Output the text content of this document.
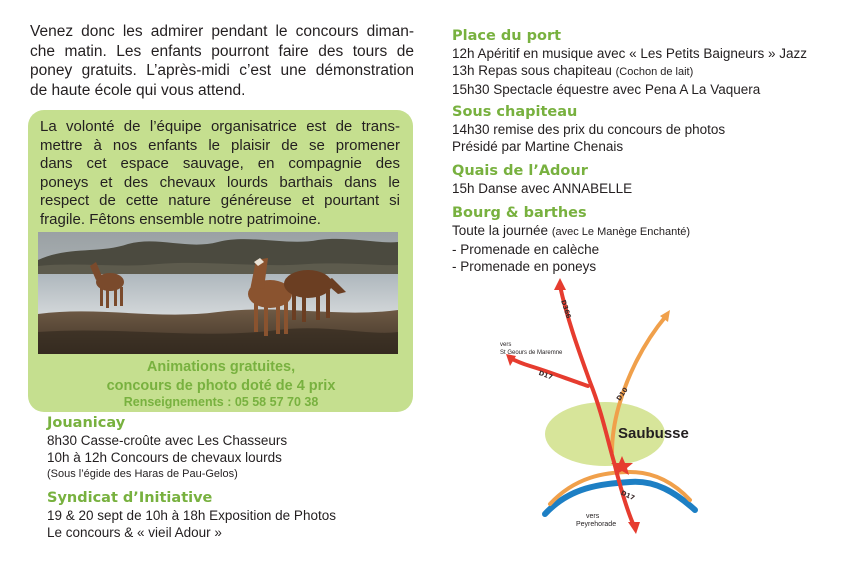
Venez donc les admirer pendant le concours diman-
che matin. Les enfants pourront faire des tours de
poney gratuits. L’après-midi c’est une démonstration
de haute école qui vous attend.
La volonté de l’équipe organisatrice est de trans-
mettre à nos enfants le plaisir de se promener
dans cet espace sauvage, en compagnie des
poneys et des chevaux lourds barthais dans le
respect de cette nature généreuse et pourtant si
fragile. Fêtons ensemble notre patrimoine.
Animations gratuites,
concours de photo doté de 4 prix
Renseignements : 05 58 57 70 38
Jouanicay
8h30 Casse-croûte avec Les Chasseurs
10h à 12h Concours de chevaux lourds
(Sous l’égide des Haras de Pau-Gelos)
Syndicat d’Initiative
19 & 20 sept de 10h à 18h Exposition de Photos
Le concours & « vieil Adour »
Place du port
12h Apéritif en musique avec « Les Petits Baigneurs » Jazz
13h Repas sous chapiteau (Cochon de lait)
15h30 Spectacle équestre avec Pena A La Vaquera
Sous chapiteau
14h30 remise des prix du concours de photos
Présidé par Martine Chenais
Quais de l’Adour
15h Danse avec ANNABELLE
Bourg & barthes
Toute la journée (avec Le Manège Enchanté)
- Promenade en calèche
- Promenade en poneys
D366
D17
D10
D17
Saubusse
vers
St Geours de Maremne
vers
Peyrehorade
